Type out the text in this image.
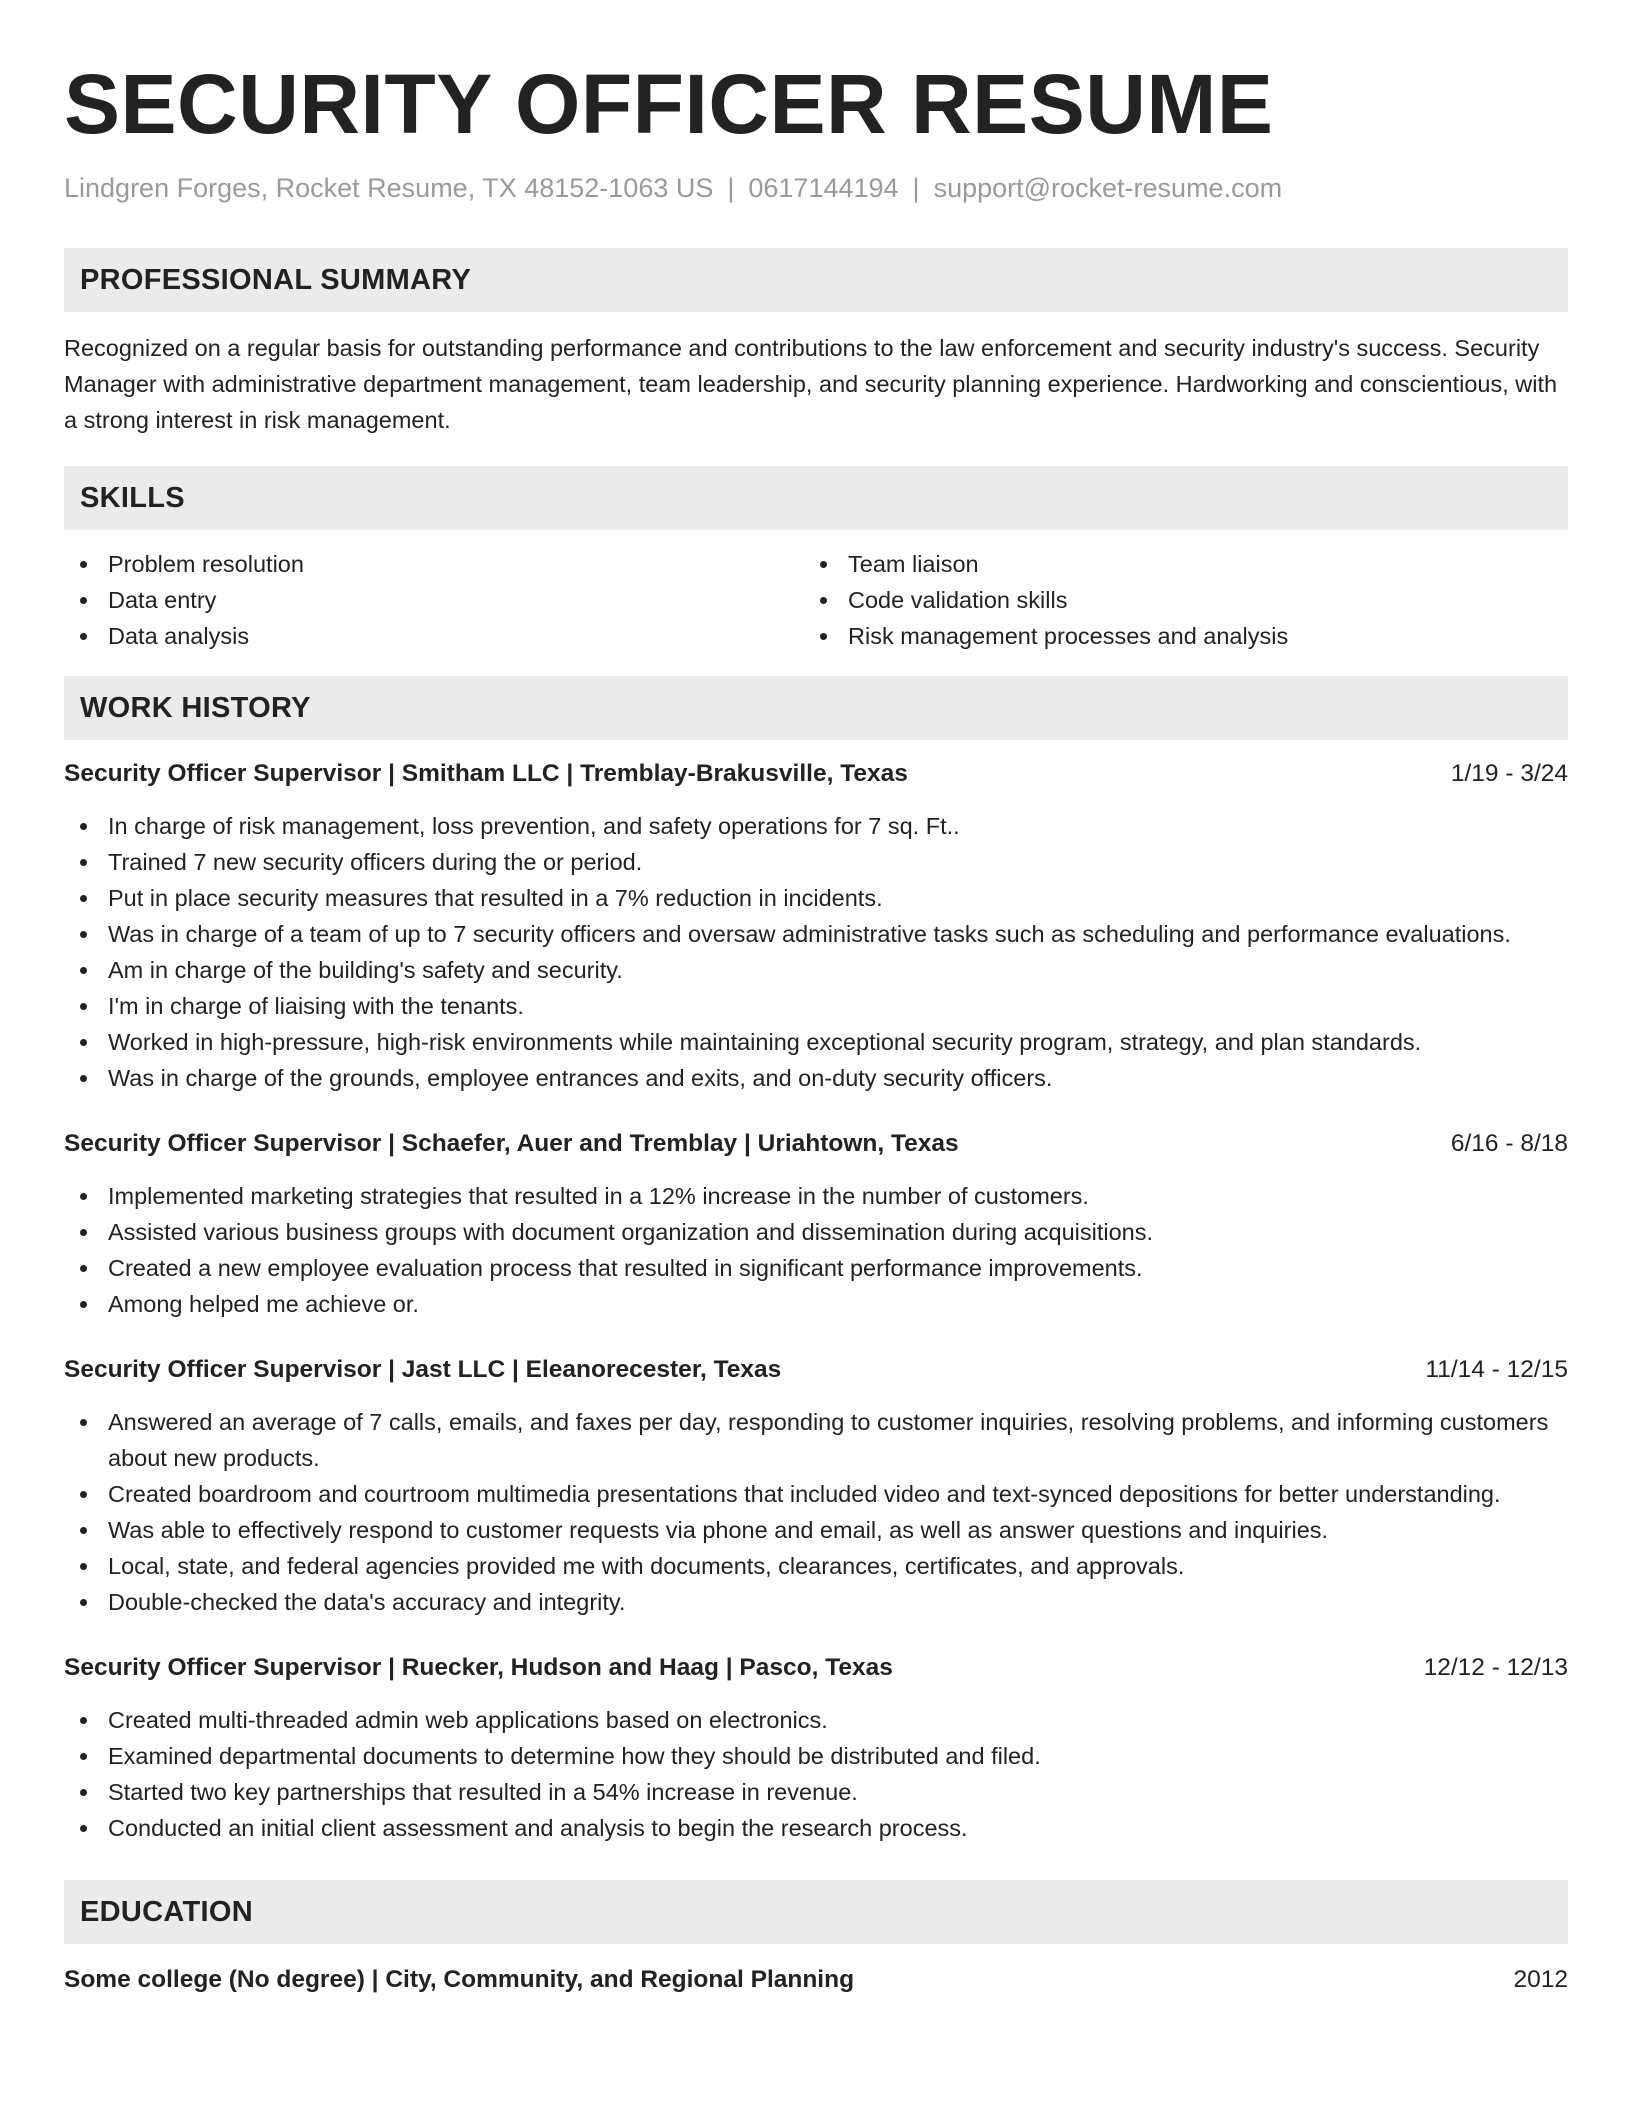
SECURITY OFFICER RESUME
Lindgren Forges, Rocket Resume, TX 48152-1063 US | 0617144194 | support@rocket-resume.com
PROFESSIONAL SUMMARY
Recognized on a regular basis for outstanding performance and contributions to the law enforcement and security industry's success. Security Manager with administrative department management, team leadership, and security planning experience. Hardworking and conscientious, with a strong interest in risk management.
SKILLS
Problem resolution
Data entry
Data analysis
Team liaison
Code validation skills
Risk management processes and analysis
WORK HISTORY
Security Officer Supervisor | Smitham LLC | Tremblay-Brakusville, Texas	1/19 - 3/24
In charge of risk management, loss prevention, and safety operations for 7 sq. Ft..
Trained 7 new security officers during the or period.
Put in place security measures that resulted in a 7% reduction in incidents.
Was in charge of a team of up to 7 security officers and oversaw administrative tasks such as scheduling and performance evaluations.
Am in charge of the building's safety and security.
I'm in charge of liaising with the tenants.
Worked in high-pressure, high-risk environments while maintaining exceptional security program, strategy, and plan standards.
Was in charge of the grounds, employee entrances and exits, and on-duty security officers.
Security Officer Supervisor | Schaefer, Auer and Tremblay | Uriahtown, Texas	6/16 - 8/18
Implemented marketing strategies that resulted in a 12% increase in the number of customers.
Assisted various business groups with document organization and dissemination during acquisitions.
Created a new employee evaluation process that resulted in significant performance improvements.
Among helped me achieve or.
Security Officer Supervisor | Jast LLC | Eleanorecester, Texas	11/14 - 12/15
Answered an average of 7 calls, emails, and faxes per day, responding to customer inquiries, resolving problems, and informing customers about new products.
Created boardroom and courtroom multimedia presentations that included video and text-synced depositions for better understanding.
Was able to effectively respond to customer requests via phone and email, as well as answer questions and inquiries.
Local, state, and federal agencies provided me with documents, clearances, certificates, and approvals.
Double-checked the data's accuracy and integrity.
Security Officer Supervisor | Ruecker, Hudson and Haag | Pasco, Texas	12/12 - 12/13
Created multi-threaded admin web applications based on electronics.
Examined departmental documents to determine how they should be distributed and filed.
Started two key partnerships that resulted in a 54% increase in revenue.
Conducted an initial client assessment and analysis to begin the research process.
EDUCATION
Some college (No degree) | City, Community, and Regional Planning	2012
